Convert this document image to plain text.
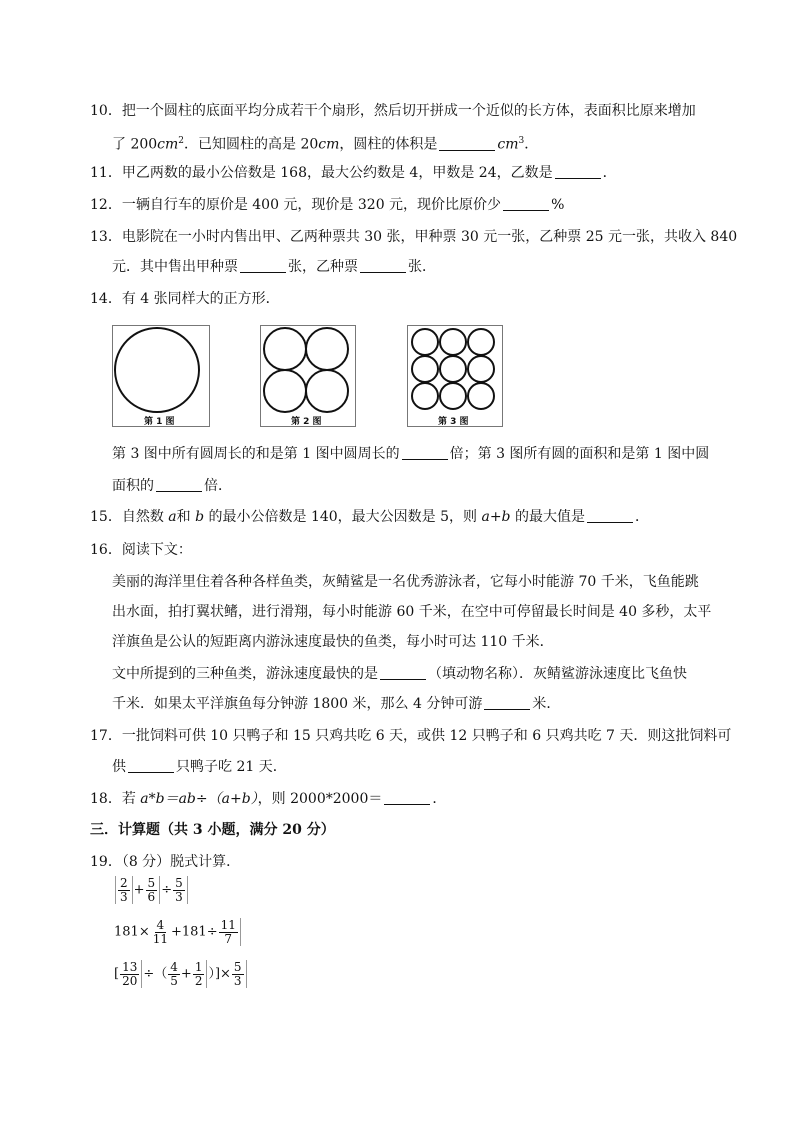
10．把一个圆柱的底面平均分成若干个扇形，然后切开拼成一个近似的长方体，表面积比原来增加
了 $200cm^2$．已知圆柱的高是 20cm，圆柱的体积是	$cm^3$．
11．甲乙两数的最小公倍数是 168，最大公约数是 4，甲数是 24，乙数是	．
12．一辆自行车的原价是 400 元，现价是 320 元，现价比原价少	%
13．电影院在一小时内售出甲、乙两种票共 30 张，甲种票 30 元一张，乙种票 25 元一张，共收入 840
元．其中售出甲种票	张，乙种票	张．
14．有 4 张同样大的正方形．
第 1 图	第 2 图	第 3 图
第 3 图中所有圆周长的和是第 1 图中圆周长的	倍；第 3 图所有圆的面积和是第 1 图中圆
面积的	倍．
15．自然数 a和 b 的最小公倍数是 140，最大公因数是 5，则 a+b 的最大值是	．
16．阅读下文：
美丽的海洋里住着各种各样鱼类，灰鲭鲨是一名优秀游泳者，它每小时能游 70 千米，飞鱼能跳
出水面，拍打翼状鳍，进行滑翔，每小时能游 60 千米，在空中可停留最长时间是 40 多秒，太平
洋旗鱼是公认的短距离内游泳速度最快的鱼类，每小时可达 110 千米．
文中所提到的三种鱼类，游泳速度最快的是	（填动物名称）．灰鲭鲨游泳速度比飞鱼快
千米．如果太平洋旗鱼每分钟游 1800 米，那么 4 分钟可游	米．
17．一批饲料可供 10 只鸭子和 15 只鸡共吃 6 天，或供 12 只鸭子和 6 只鸡共吃 7 天．则这批饲料可
供	只鸭子吃 21 天．
18．若 a*b＝ab÷（a+b），则 2000*2000＝	．
三．计算题（共 3 小题，满分 20 分）
19．（8 分）脱式计算．
$\frac{2}{3} + \frac{5}{6} \div \frac{5}{3}$
$181\times \frac{4}{11} +181\div \frac{11}{7}$
[ $\frac{13}{20}$ ÷（ $\frac{4}{5} + \frac{1}{2}$ ）]× $\frac{5}{3}$
